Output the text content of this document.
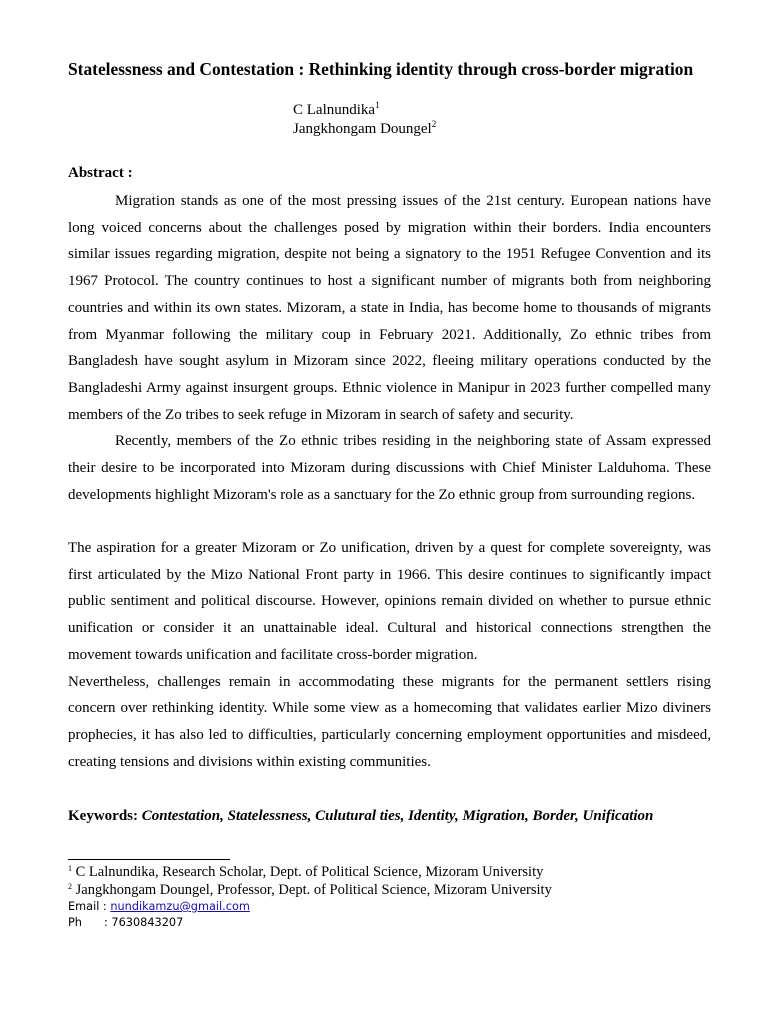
Statelessness and Contestation : Rethinking identity through cross-border migration
C Lalnundika$^1$
Jangkhongam Doungel$^2$
Abstract :

Migration stands as one of the most pressing issues of the 21st century. European nations have long voiced concerns about the challenges posed by migration within their borders. India encounters similar issues regarding migration, despite not being a signatory to the 1951 Refugee Convention and its 1967 Protocol. The country continues to host a significant number of migrants both from neighboring countries and within its own states. Mizoram, a state in India, has become home to thousands of migrants from Myanmar following the military coup in February 2021. Additionally, Zo ethnic tribes from Bangladesh have sought asylum in Mizoram since 2022, fleeing military operations conducted by the Bangladeshi Army against insurgent groups. Ethnic violence in Manipur in 2023 further compelled many members of the Zo tribes to seek refuge in Mizoram in search of safety and security.

Recently, members of the Zo ethnic tribes residing in the neighboring state of Assam expressed their desire to be incorporated into Mizoram during discussions with Chief Minister Lalduhoma. These developments highlight Mizoram's role as a sanctuary for the Zo ethnic group from surrounding regions.

The aspiration for a greater Mizoram or Zo unification, driven by a quest for complete sovereignty, was first articulated by the Mizo National Front party in 1966. This desire continues to significantly impact public sentiment and political discourse. However, opinions remain divided on whether to pursue ethnic unification or consider it an unattainable ideal. Cultural and historical connections strengthen the movement towards unification and facilitate cross-border migration.

Nevertheless, challenges remain in accommodating these migrants for the permanent settlers rising concern over rethinking identity. While some view as a homecoming that validates earlier Mizo diviners prophecies, it has also led to difficulties, particularly concerning employment opportunities and misdeed, creating tensions and divisions within existing communities.

Keywords: Contestation, Statelessness, Culutural ties, Identity, Migration, Border, Unification
$^1$ C Lalnundika, Research Scholar, Dept. of Political Science, Mizoram University
$^2$ Jangkhongam Doungel, Professor, Dept. of Political Science, Mizoram University
Email : nundikamzu@gmail.com
Ph : 7630843207
